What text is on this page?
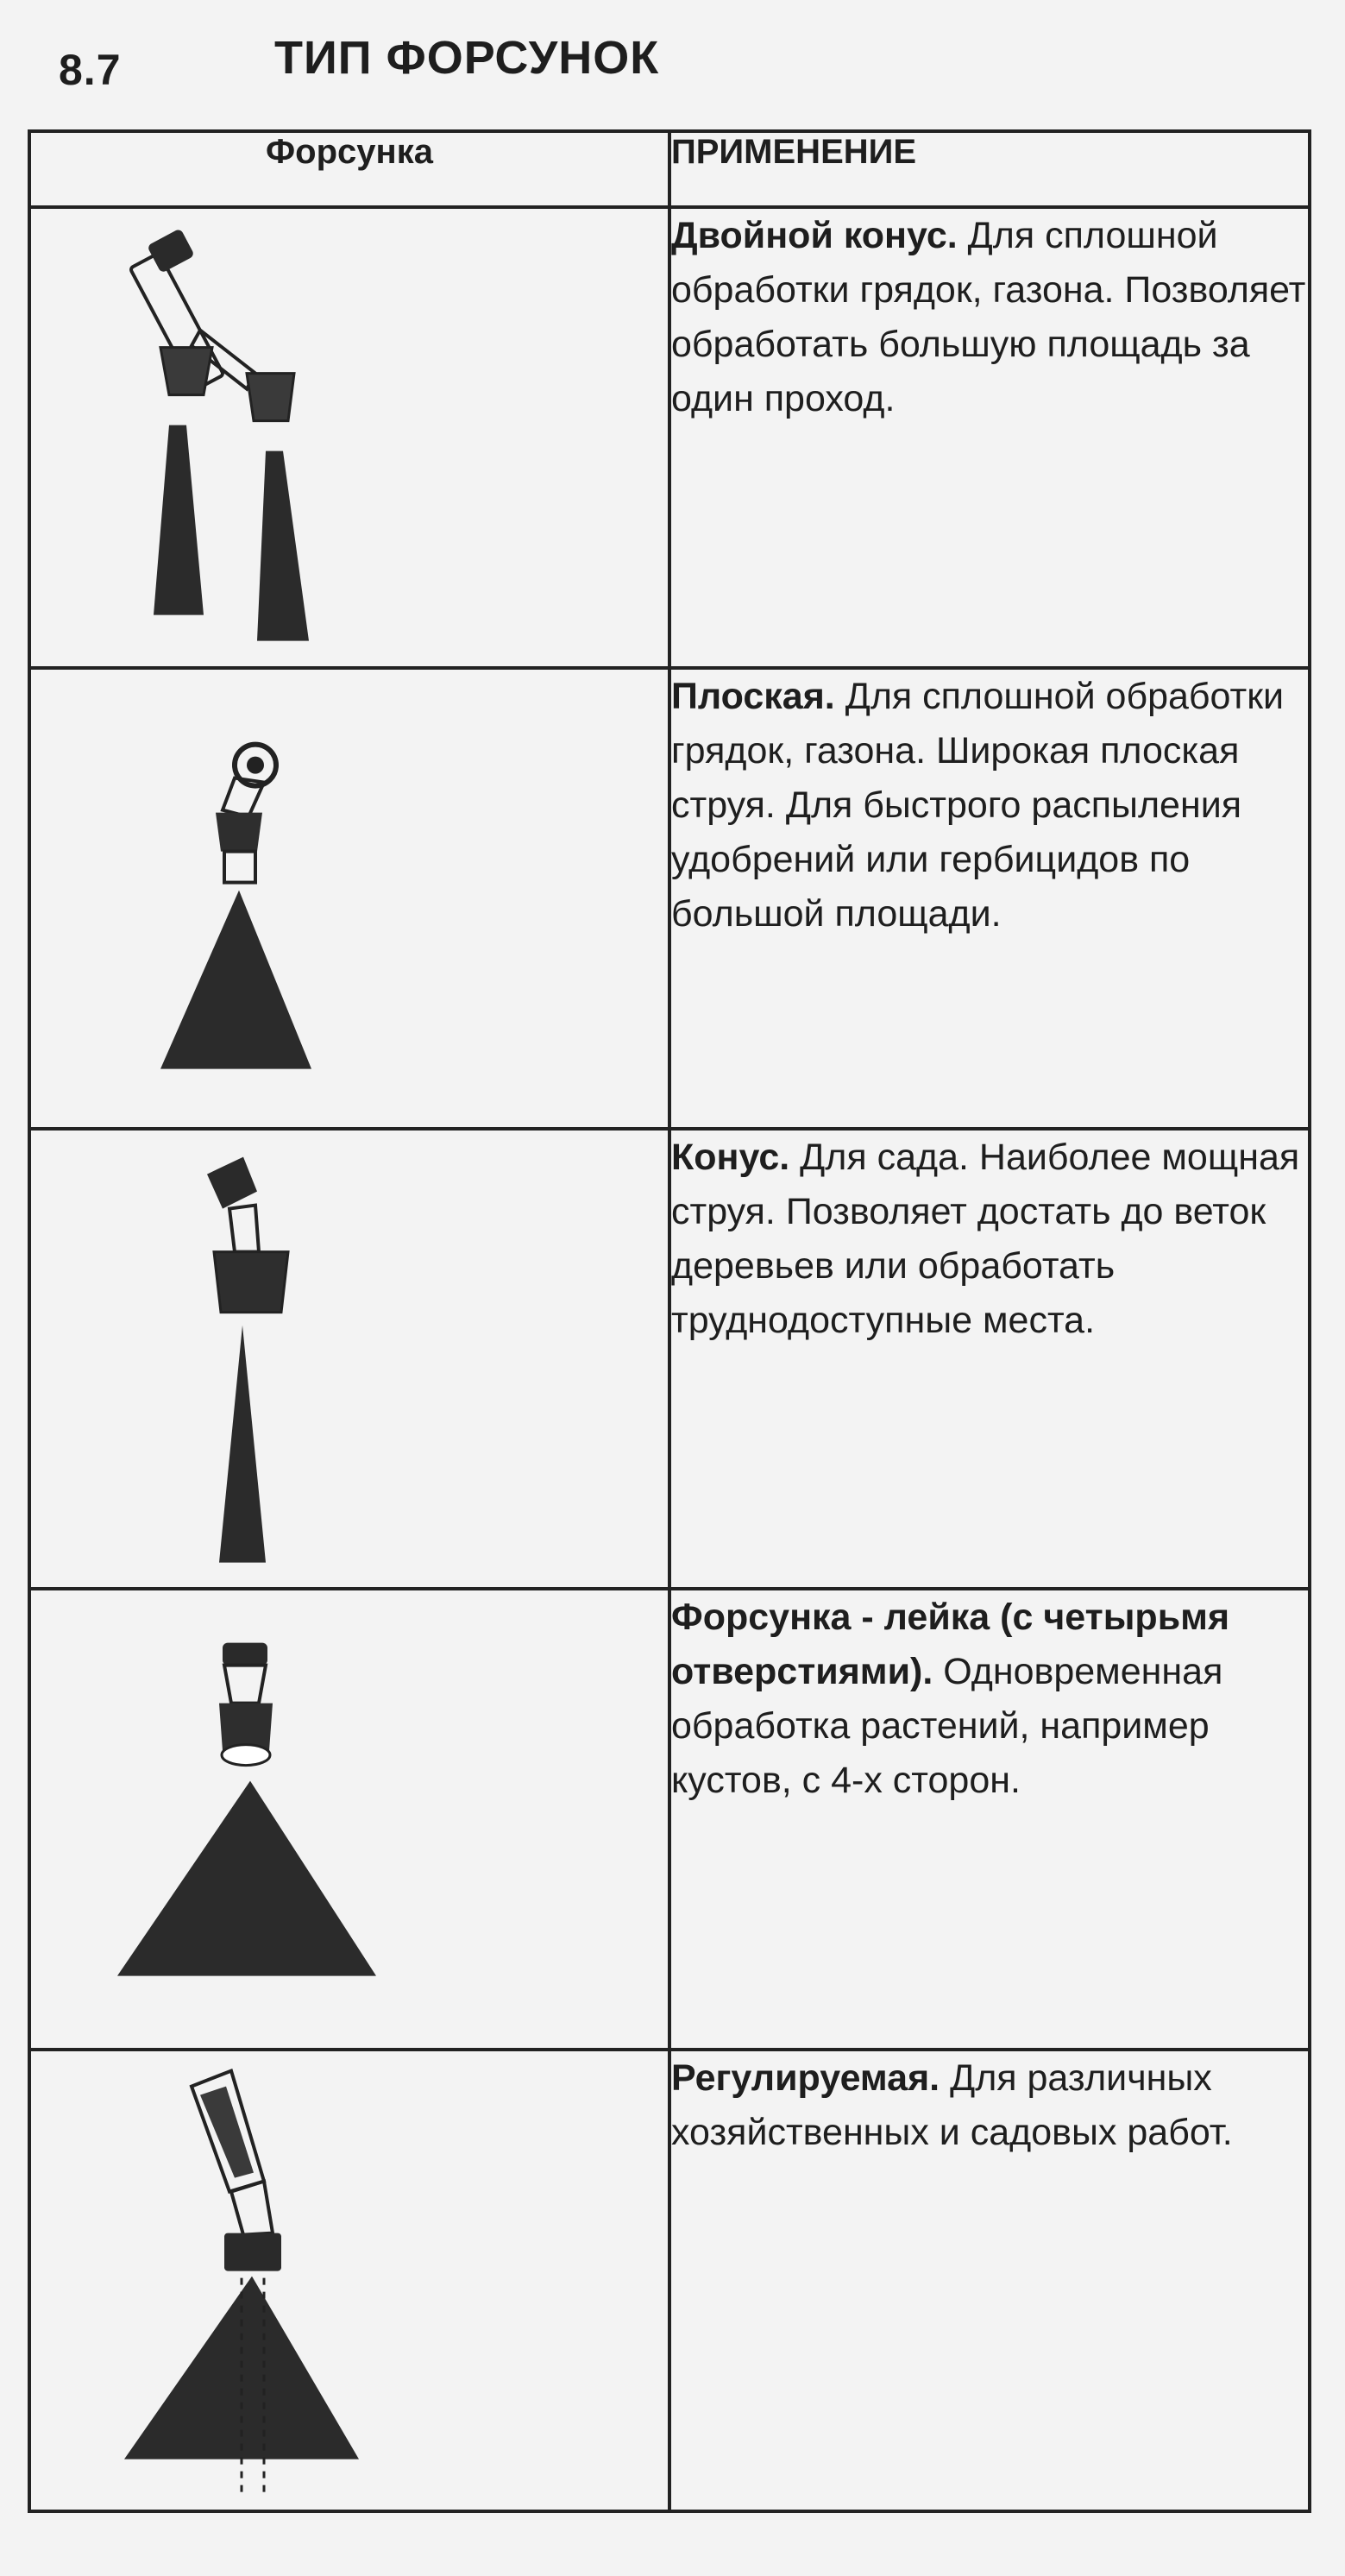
8.7	ТИП ФОРСУНОК
Форсунка	ПРИМЕНЕНИЕ

Двойной конус. Для сплошной обработки грядок, газона. Позволяет обработать большую площадь за один проход.

Плоская. Для сплошной обработки грядок, газона. Широкая плоская струя. Для быстрого распыления удобрений или гербицидов по большой площади.

Конус. Для сада. Наиболее мощная струя. Позволяет достать до веток деревьев или обработать труднодоступные места.

Форсунка - лейка (с четырьмя отверстиями). Одновременная обработка растений, например кустов, с 4-х сторон.

Регулируемая. Для различных хозяйственных и садовых работ.
